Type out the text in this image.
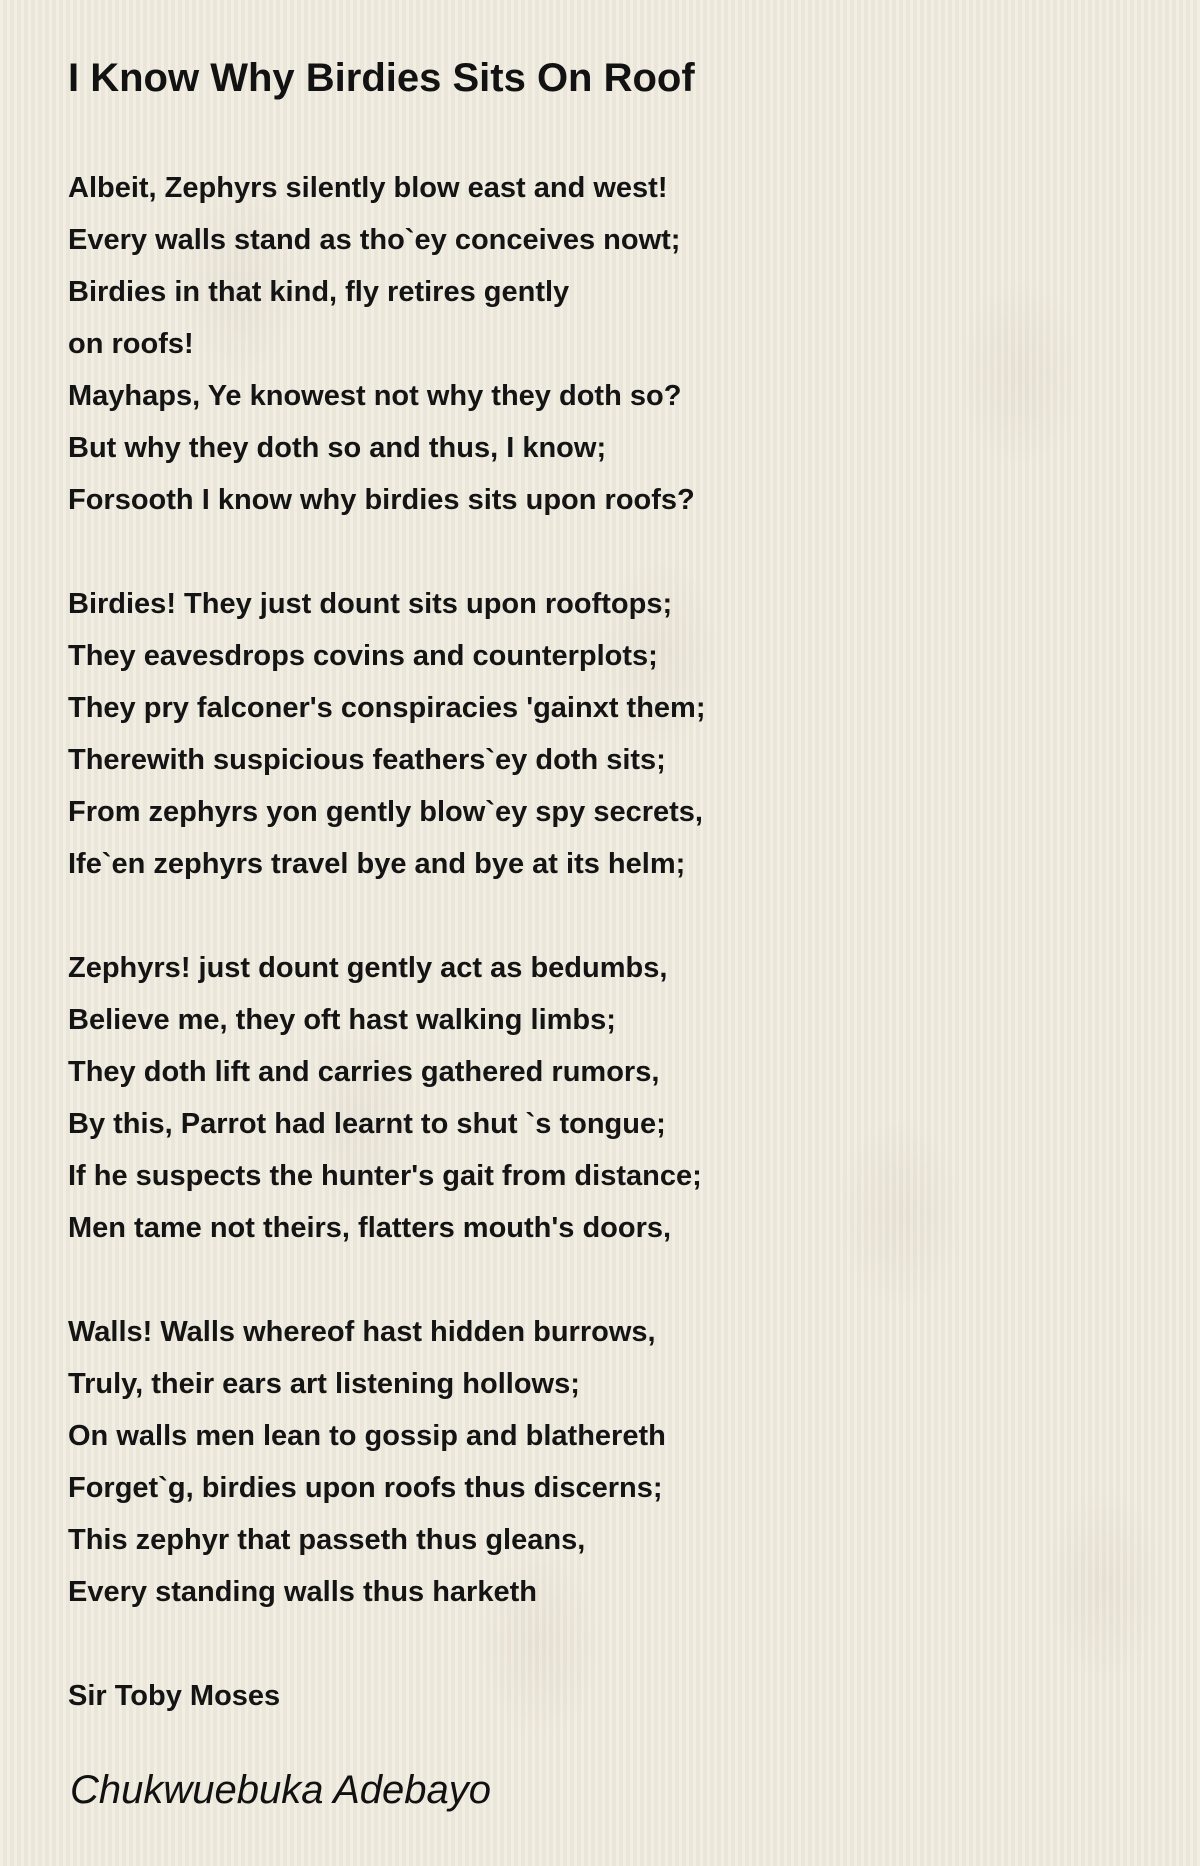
I Know Why Birdies Sits On Roof
Albeit, Zephyrs silently blow east and west!
Every walls stand as tho`ey conceives nowt;
Birdies in that kind, fly retires gently
on roofs!
Mayhaps, Ye knowest not why they doth so?
But why they doth so and thus, I know;
Forsooth I know why birdies sits upon roofs?
Birdies! They just dount sits upon rooftops;
They eavesdrops covins and counterplots;
They pry falconer's conspiracies 'gainxt them;
Therewith suspicious feathers`ey doth sits;
From zephyrs yon gently blow`ey spy secrets,
Ife`en zephyrs travel bye and bye at its helm;
Zephyrs! just dount gently act as bedumbs,
Believe me, they oft hast walking limbs;
They doth lift and carries gathered rumors,
By this, Parrot had learnt to shut `s tongue;
If he suspects the hunter's gait from distance;
Men tame not theirs, flatters mouth's doors,
Walls! Walls whereof hast hidden burrows,
Truly, their ears art listening hollows;
On walls men lean to gossip and blathereth
Forget`g, birdies upon roofs thus discerns;
This zephyr that passeth thus gleans,
Every standing walls thus harketh

Sir Toby Moses

Chukwuebuka Adebayo
